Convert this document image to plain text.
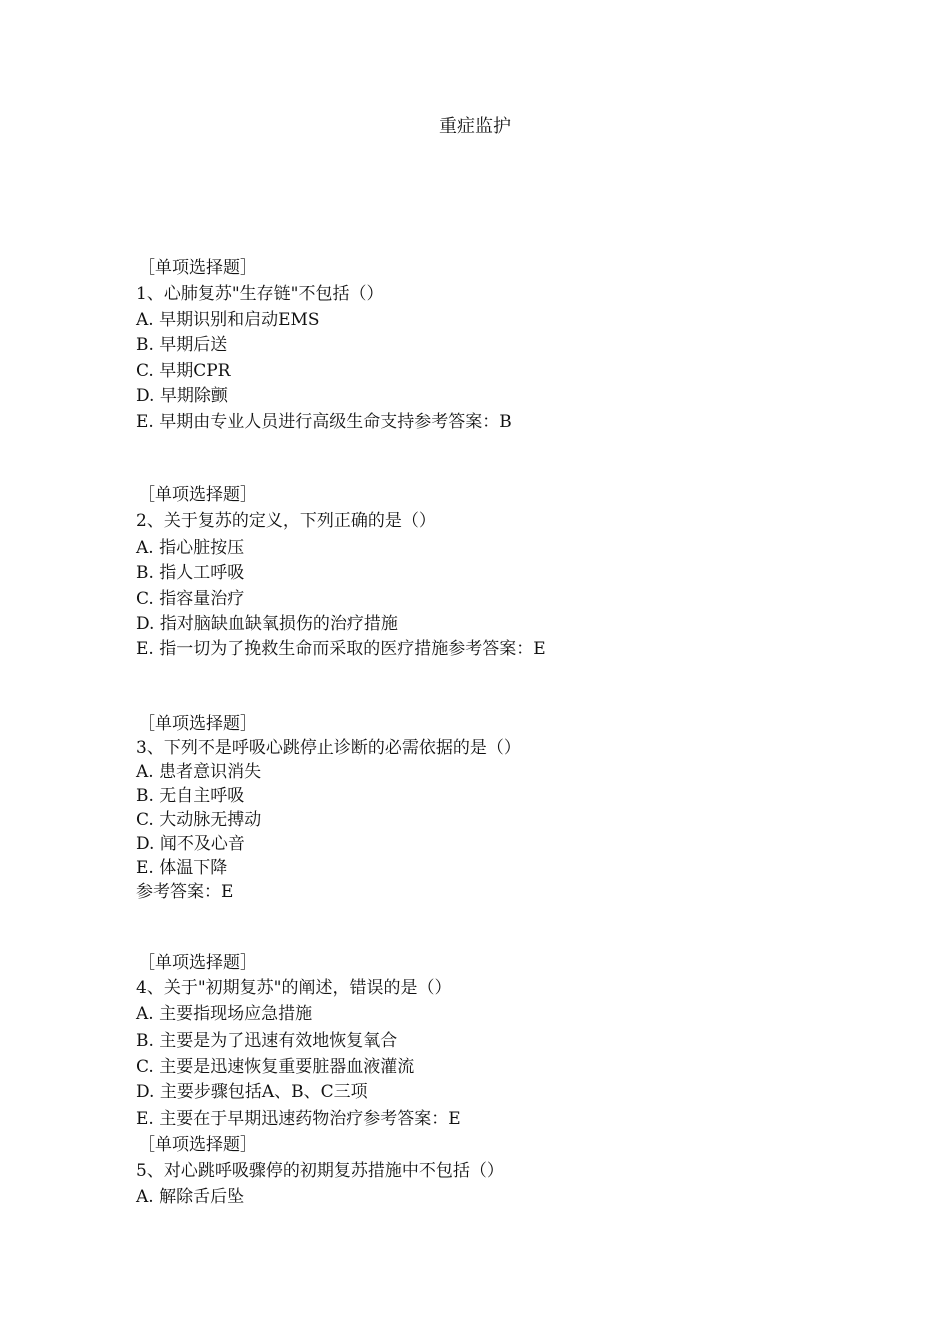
重症监护
［单项选择题］
1、心肺复苏"生存链"不包括（）
A. 早期识别和启动EMS
B. 早期后送
C. 早期CPR
D. 早期除颤
E. 早期由专业人员进行高级生命支持参考答案：B
［单项选择题］
2、关于复苏的定义，下列正确的是（）
A. 指心脏按压
B. 指人工呼吸
C. 指容量治疗
D. 指对脑缺血缺氧损伤的治疗措施
E. 指一切为了挽救生命而采取的医疗措施参考答案：E
［单项选择题］
3、下列不是呼吸心跳停止诊断的必需依据的是（）
A. 患者意识消失
B. 无自主呼吸
C. 大动脉无搏动
D. 闻不及心音
E. 体温下降
参考答案：E
［单项选择题］
4、关于"初期复苏"的阐述，错误的是（）
A. 主要指现场应急措施
B. 主要是为了迅速有效地恢复氧合
C. 主要是迅速恢复重要脏器血液灌流
D. 主要步骤包括A、B、C三项
E. 主要在于早期迅速药物治疗参考答案：E
［单项选择题］
5、对心跳呼吸骤停的初期复苏措施中不包括（）
A. 解除舌后坠
